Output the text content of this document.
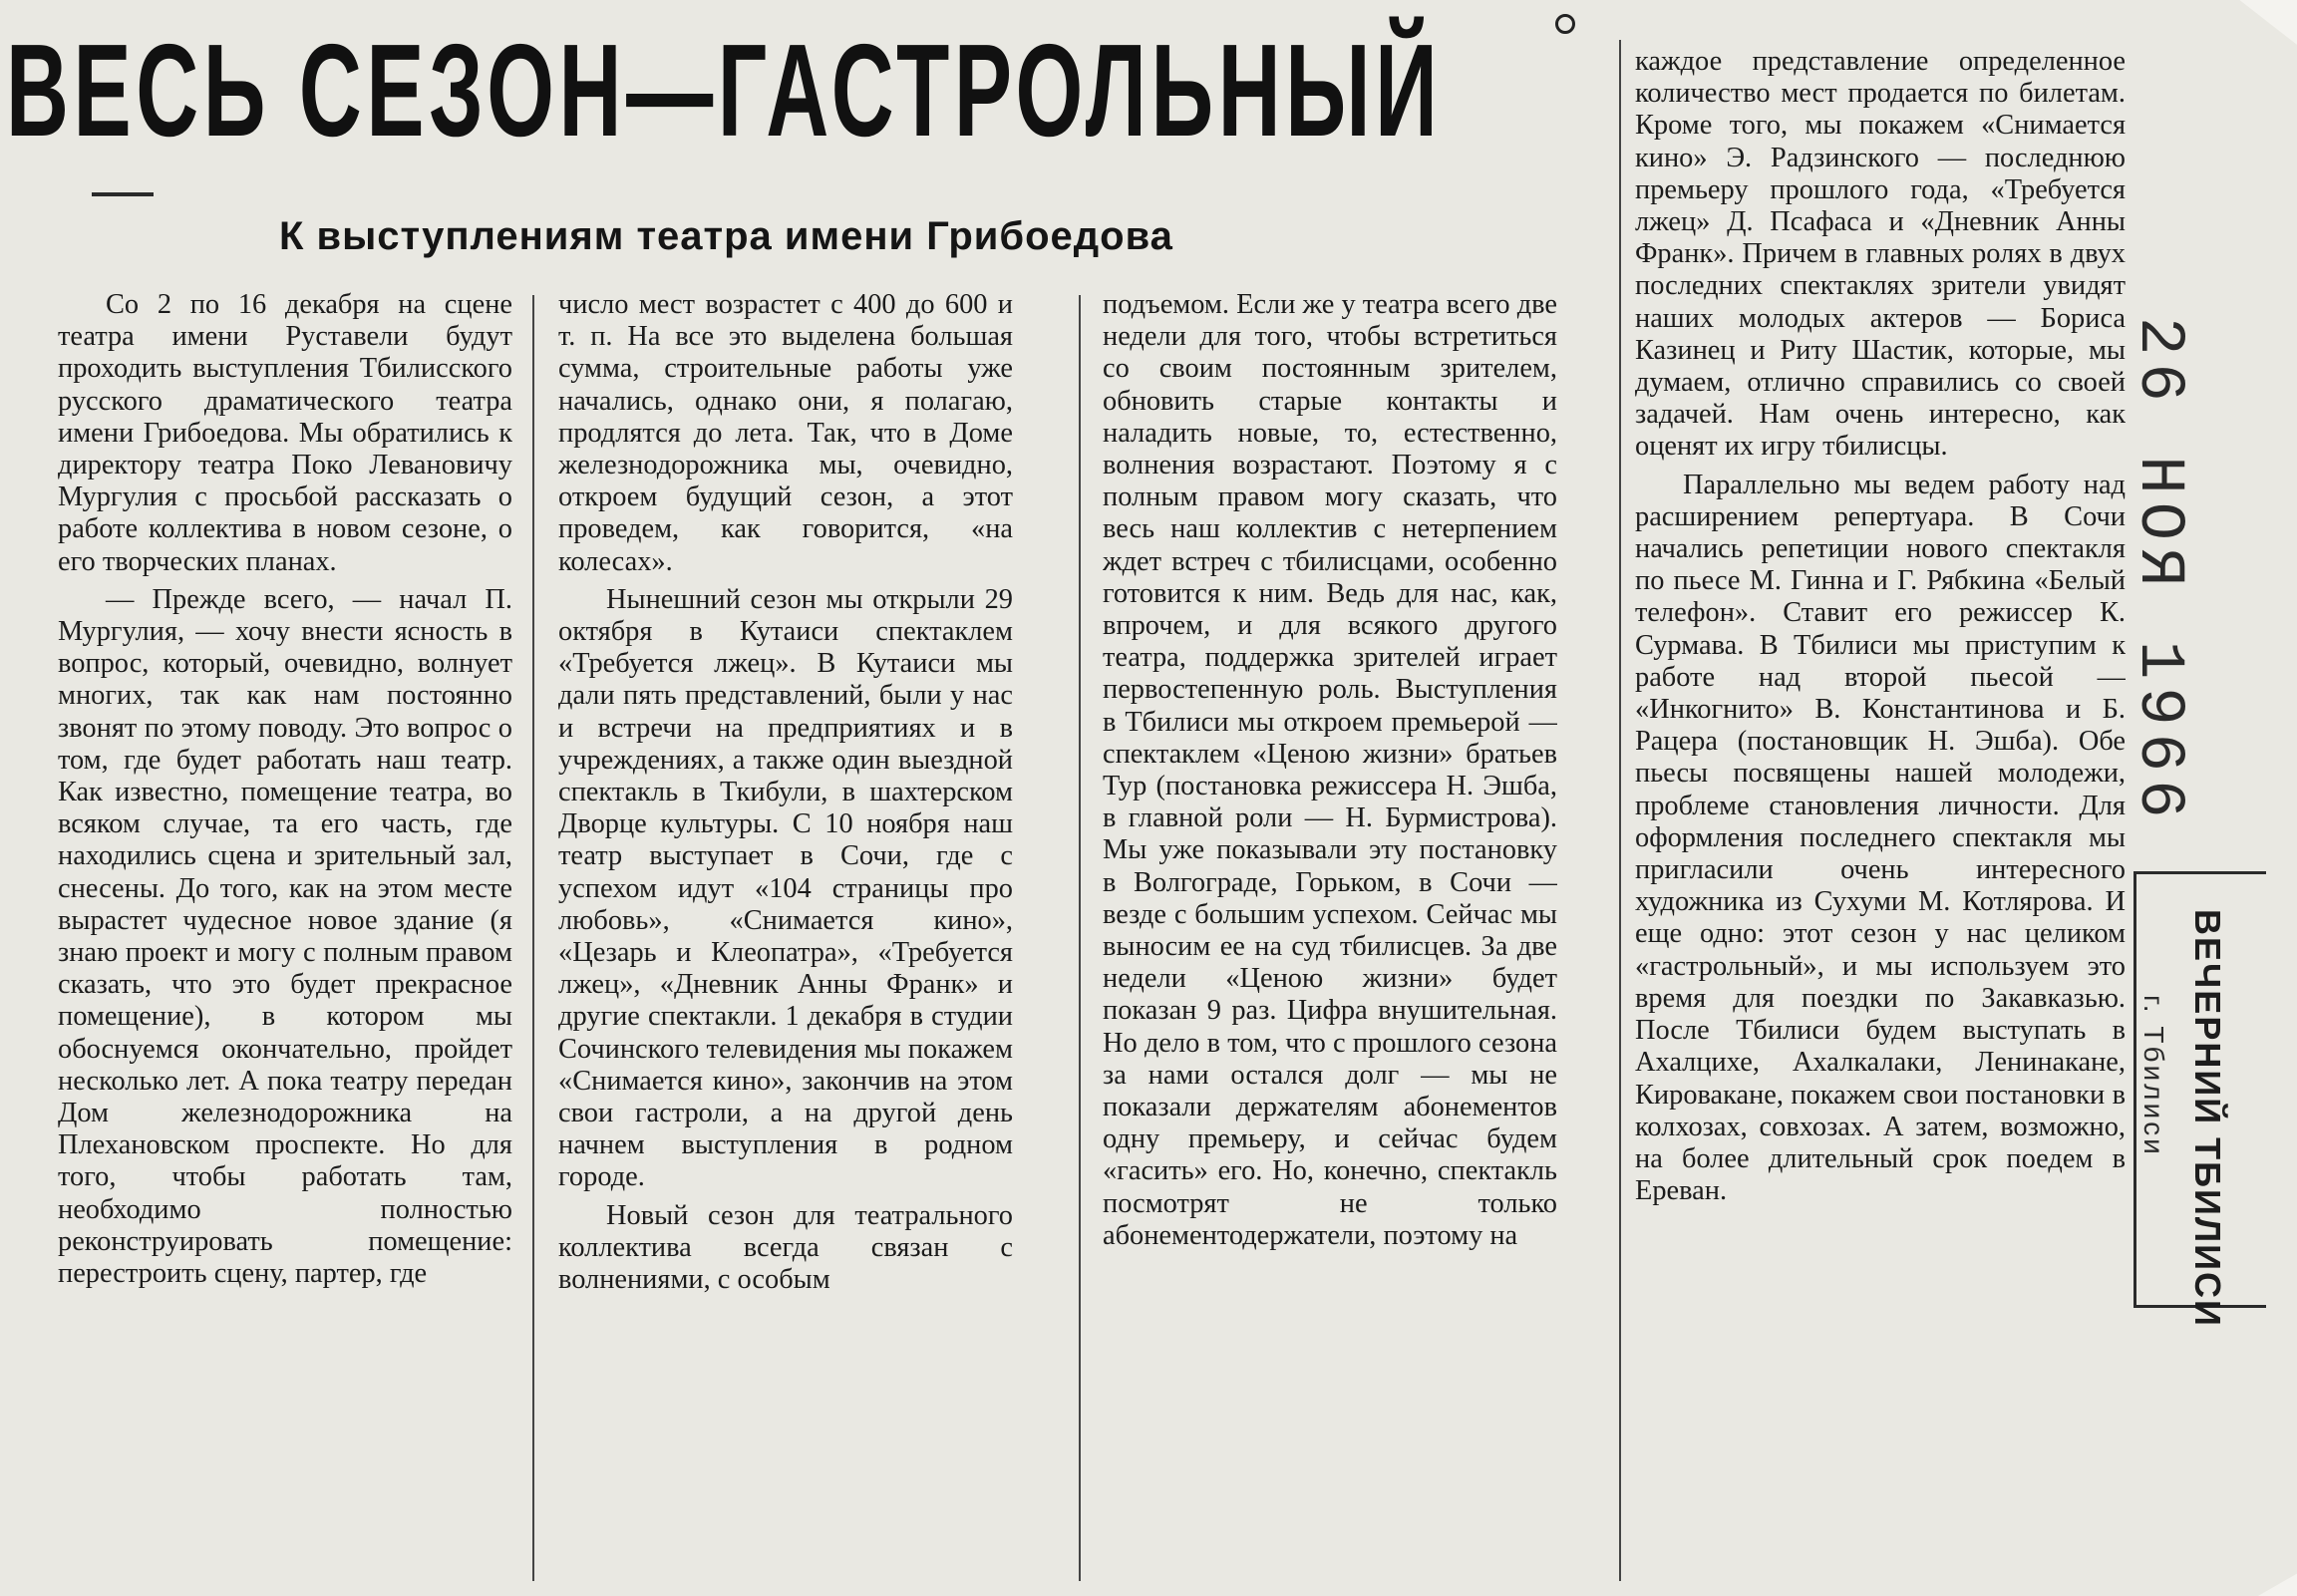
ВЕСЬ СЕЗОН—ГАСТРОЛЬНЫЙ
К выступлениям театра имени Грибоедова

Со 2 по 16 декабря на сцене театра имени Руставели будут проходить выступления Тбилисского русского драматического театра имени Грибоедова. Мы обратились к директору театра Поко Левановичу Мургулия с просьбой рассказать о работе коллектива в новом сезоне, о его творческих планах.

— Прежде всего, — начал П. Мургулия, — хочу внести ясность в вопрос, который, очевидно, волнует многих, так как нам постоянно звонят по этому поводу. Это вопрос о том, где будет работать наш театр. Как известно, помещение театра, во всяком случае, та его часть, где находились сцена и зрительный зал, снесены. До того, как на этом месте вырастет чудесное новое здание (я знаю проект и могу с полным правом сказать, что это будет прекрасное помещение), в котором мы обоснуемся окончательно, пройдет несколько лет. А пока театру передан Дом железнодорожника на Плехановском проспекте. Но для того, чтобы работать там, необходимо полностью реконструировать помещение: перестроить сцену, партер, где

число мест возрастет с 400 до 600 и т. п. На все это выделена большая сумма, строительные работы уже начались, однако они, я полагаю, продлятся до лета. Так, что в Доме железнодорожника мы, очевидно, откроем будущий сезон, а этот проведем, как говорится, «на колесах».

Нынешний сезон мы открыли 29 октября в Кутаиси спектаклем «Требуется лжец». В Кутаиси мы дали пять представлений, были у нас и встречи на предприятиях и в учреждениях, а также один выездной спектакль в Ткибули, в шахтерском Дворце культуры. С 10 ноября наш театр выступает в Сочи, где с успехом идут «104 страницы про любовь», «Снимается кино», «Цезарь и Клеопатра», «Требуется лжец», «Дневник Анны Франк» и другие спектакли. 1 декабря в студии Сочинского телевидения мы покажем «Снимается кино», закончив на этом свои гастроли, а на другой день начнем выступления в родном городе.

Новый сезон для театрального коллектива всегда связан с волнениями, с особым

подъемом. Если же у театра всего две недели для того, чтобы встретиться со своим постоянным зрителем, обновить старые контакты и наладить новые, то, естественно, волнения возрастают. Поэтому я с полным правом могу сказать, что весь наш коллектив с нетерпением ждет встреч с тбилисцами, особенно готовится к ним. Ведь для нас, как, впрочем, и для всякого другого театра, поддержка зрителей играет первостепенную роль. Выступления в Тбилиси мы откроем премьерой — спектаклем «Ценою жизни» братьев Тур (постановка режиссера Н. Эшба, в главной роли — Н. Бурмистрова). Мы уже показывали эту постановку в Волгограде, Горьком, в Сочи — везде с большим успехом. Сейчас мы выносим ее на суд тбилисцев. За две недели «Ценою жизни» будет показан 9 раз. Цифра внушительная. Но дело в том, что с прошлого сезона за нами остался долг — мы не показали держателям абонементов одну премьеру, и сейчас будем «гасить» его. Но, конечно, спектакль посмотрят не только абонементодержатели, поэтому на

каждое представление определенное количество мест продается по билетам. Кроме того, мы покажем «Снимается кино» Э. Радзинского — последнюю премьеру прошлого года, «Требуется лжец» Д. Псафаса и «Дневник Анны Франк». Причем в главных ролях в двух последних спектаклях зрители увидят наших молодых актеров — Бориса Казинец и Риту Шастик, которые, мы думаем, отлично справились со своей задачей. Нам очень интересно, как оценят их игру тбилисцы.

Параллельно мы ведем работу над расширением репертуара. В Сочи начались репетиции нового спектакля по пьесе М. Гинна и Г. Рябкина «Белый телефон». Ставит его режиссер К. Сурмава. В Тбилиси мы приступим к работе над второй пьесой — «Инкогнито» В. Константинова и Б. Рацера (постановщик Н. Эшба). Обе пьесы посвящены нашей молодежи, проблеме становления личности. Для оформления последнего спектакля мы пригласили очень интересного художника из Сухуми М. Котлярова. И еще одно: этот сезон у нас целиком «гастрольный», и мы используем это время для поездки по Закавказью. После Тбилиси будем выступать в Ахалцихе, Ахалкалаки, Ленинакане, Кировакане, покажем свои постановки в колхозах, совхозах. А затем, возможно, на более длительный срок поедем в Ереван.

26 НОЯ 1966
ВЕЧЕРНИЙ ТБИЛИСИ
г. Тбилиси
